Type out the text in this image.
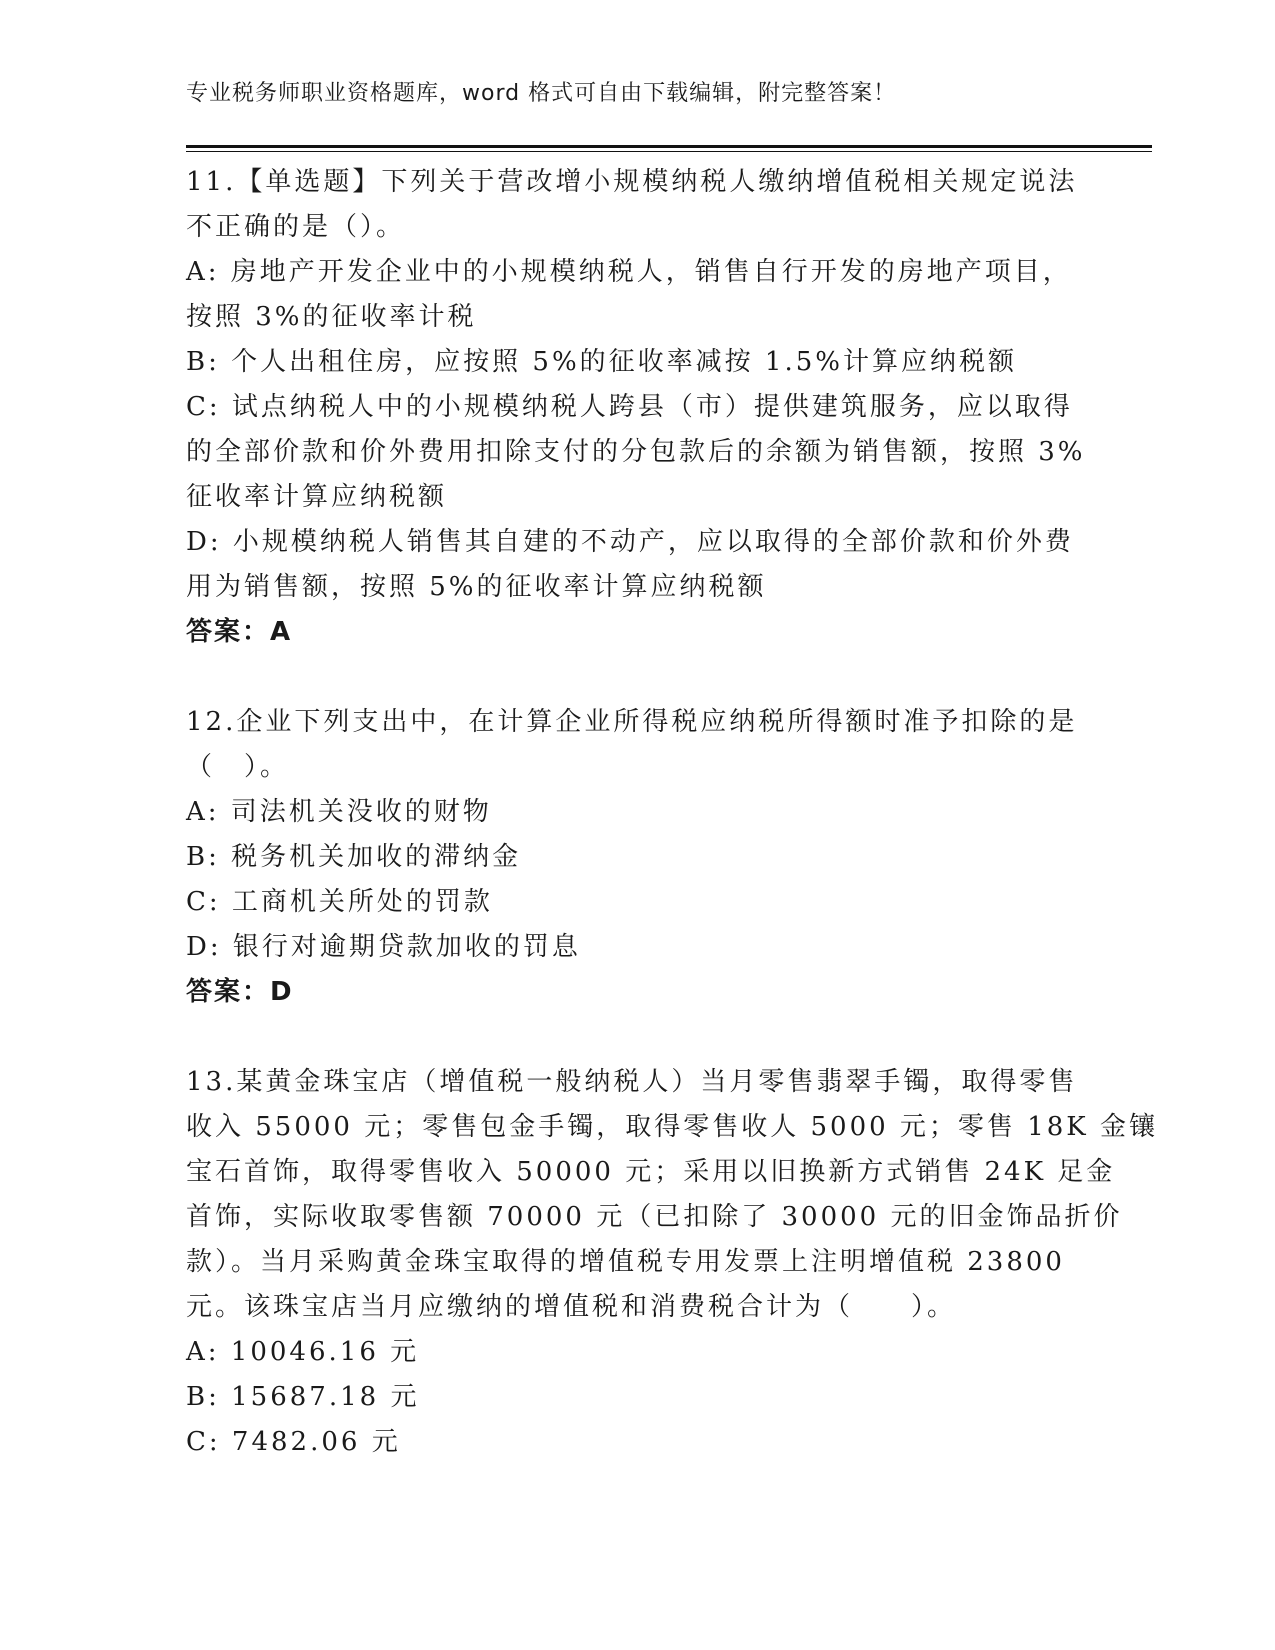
专业税务师职业资格题库，word 格式可自由下载编辑，附完整答案！
11.【单选题】下列关于营改增小规模纳税人缴纳增值税相关规定说法
不正确的是（）。
A: 房地产开发企业中的小规模纳税人，销售自行开发的房地产项目，
按照 3%的征收率计税
B: 个人出租住房，应按照 5%的征收率减按 1.5%计算应纳税额
C: 试点纳税人中的小规模纳税人跨县（市）提供建筑服务，应以取得
的全部价款和价外费用扣除支付的分包款后的余额为销售额，按照 3%
征收率计算应纳税额
D: 小规模纳税人销售其自建的不动产，应以取得的全部价款和价外费
用为销售额，按照 5%的征收率计算应纳税额
答案：A
12.企业下列支出中，在计算企业所得税应纳税所得额时准予扣除的是
（　）。
A: 司法机关没收的财物
B: 税务机关加收的滞纳金
C: 工商机关所处的罚款
D: 银行对逾期贷款加收的罚息
答案：D
13.某黄金珠宝店（增值税一般纳税人）当月零售翡翠手镯，取得零售
收入 55000 元；零售包金手镯，取得零售收人 5000 元；零售 18K 金镶
宝石首饰，取得零售收入 50000 元；采用以旧换新方式销售 24K 足金
首饰，实际收取零售额 70000 元（已扣除了 30000 元的旧金饰品折价
款）。当月采购黄金珠宝取得的增值税专用发票上注明增值税 23800
元。该珠宝店当月应缴纳的增值税和消费税合计为（　　）。
A: 10046.16 元
B: 15687.18 元
C: 7482.06 元
